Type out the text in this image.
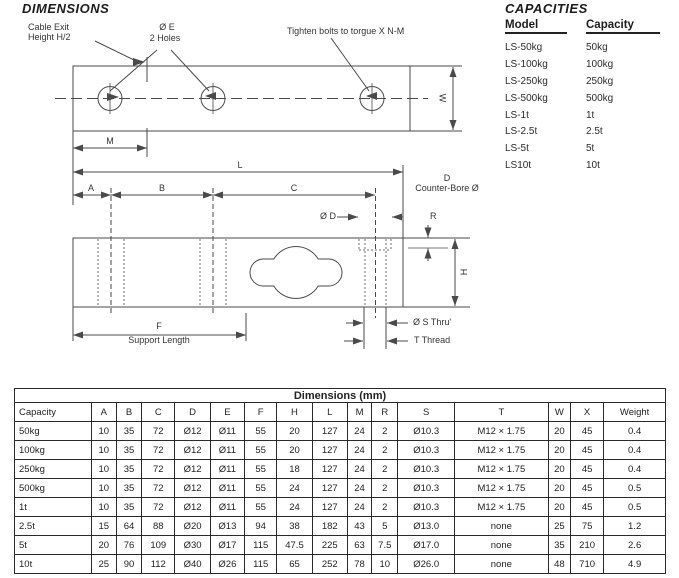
DIMENSIONS
Cable Exit
Height H/2
Ø E
2 Holes
Tighten bolts to torgue X N-M
W
M
L
A	B	C
Ø D
D
Counter-Bore Ø
R
H
F
Support Length
Ø S Thru'
T Thread
CAPACITIES
Model	Capacity
LS-50kg	50kg
LS-100kg	100kg
LS-250kg	250kg
LS-500kg	500kg
LS-1t	1t
LS-2.5t	2.5t
LS-5t	5t
LS10t	10t
Dimensions (mm)															
Capacity	A	B	C	D	E	F	H	L	M	R	S	T	W	X	Weight
50kg	10	35	72	Ø12	Ø11	55	20	127	24	2	Ø10.3	M12 × 1.75	20	45	0.4
100kg	10	35	72	Ø12	Ø11	55	20	127	24	2	Ø10.3	M12 × 1.75	20	45	0.4
250kg	10	35	72	Ø12	Ø11	55	18	127	24	2	Ø10.3	M12 × 1.75	20	45	0.4
500kg	10	35	72	Ø12	Ø11	55	24	127	24	2	Ø10.3	M12 × 1.75	20	45	0.5
1t	10	35	72	Ø12	Ø11	55	24	127	24	2	Ø10.3	M12 × 1.75	20	45	0.5
2.5t	15	64	88	Ø20	Ø13	94	38	182	43	5	Ø13.0	none	25	75	1.2
5t	20	76	109	Ø30	Ø17	115	47.5	225	63	7.5	Ø17.0	none	35	210	2.6
10t	25	90	112	Ø40	Ø26	115	65	252	78	10	Ø26.0	none	48	710	4.9
